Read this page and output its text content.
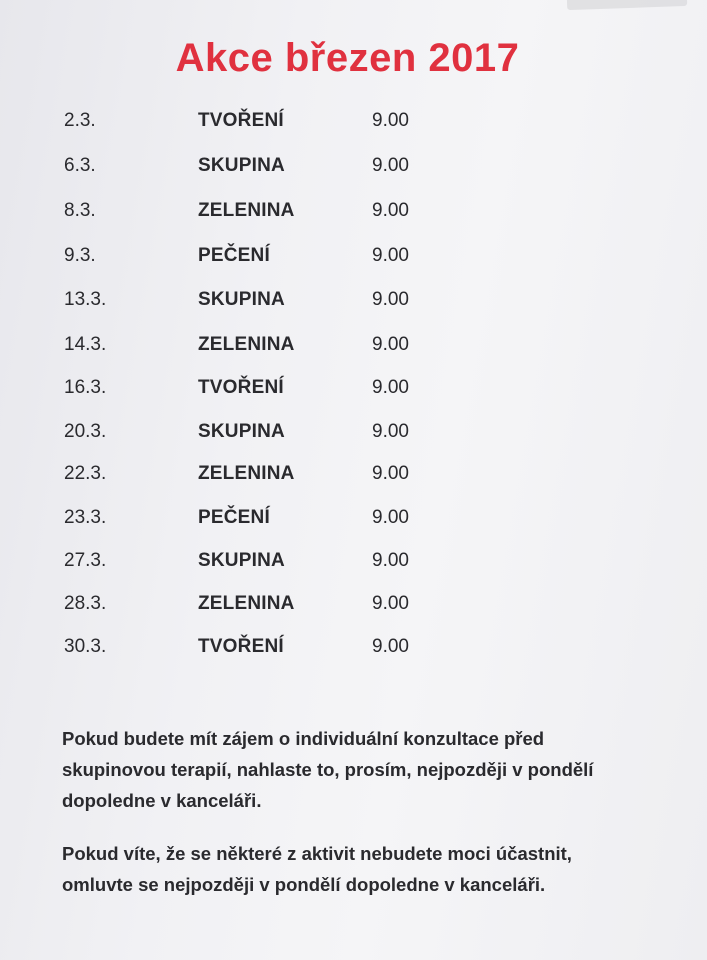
Akce březen 2017
2.3.	TVOŘENÍ	9.00
6.3.	SKUPINA	9.00
8.3.	ZELENINA	9.00
9.3.	PEČENÍ	9.00
13.3.	SKUPINA	9.00
14.3.	ZELENINA	9.00
16.3.	TVOŘENÍ	9.00
20.3.	SKUPINA	9.00
22.3.	ZELENINA	9.00
23.3.	PEČENÍ	9.00
27.3.	SKUPINA	9.00
28.3.	ZELENINA	9.00
30.3.	TVOŘENÍ	9.00

Pokud budete mít zájem o individuální konzultace před

skupinovou terapií, nahlaste to, prosím, nejpozději v pondělí

dopoledne v kanceláři.

Pokud víte, že se některé z aktivit nebudete moci účastnit,

omluvte se nejpozději v pondělí dopoledne v kanceláři.
